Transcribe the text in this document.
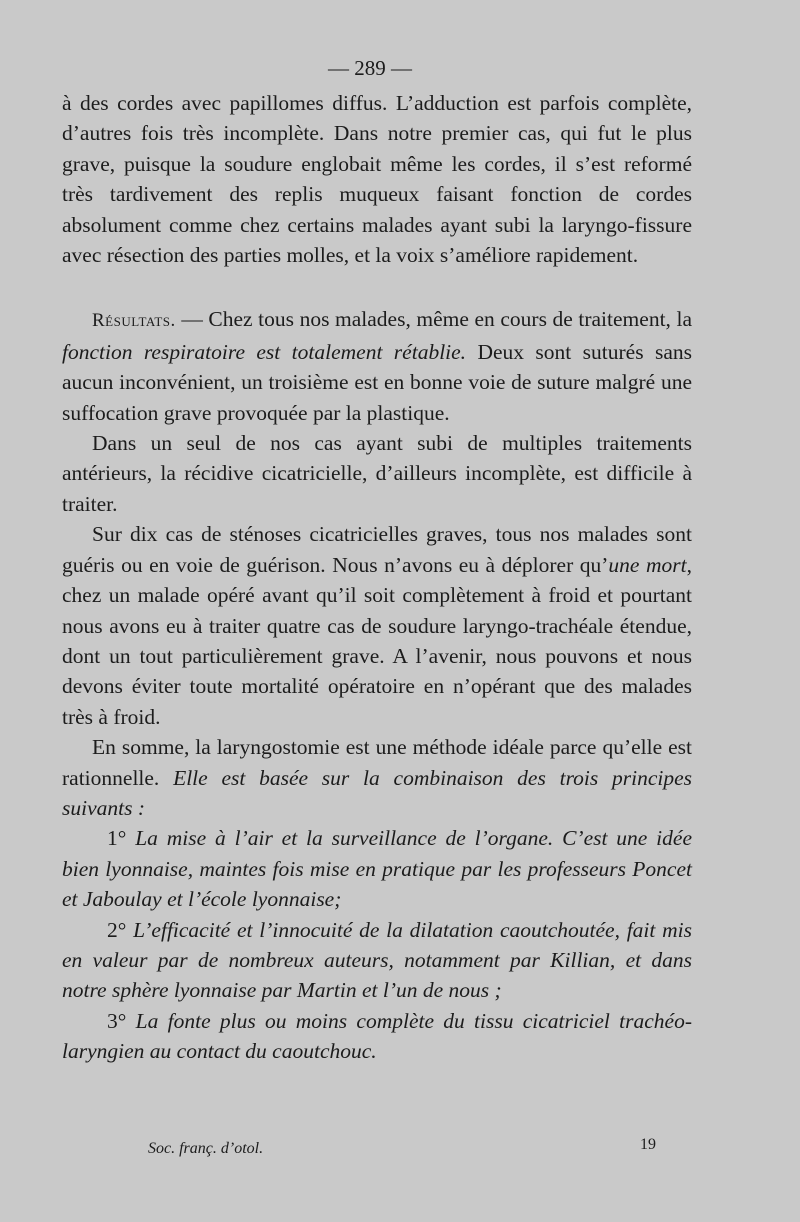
— 289 —

à des cordes avec papillomes diffus. L’adduction est parfois complète, d’autres fois très incomplète. Dans notre premier cas, qui fut le plus grave, puisque la soudure englobait même les cordes, il s’est reformé très tardivement des replis muqueux faisant fonction de cordes absolument comme chez certains malades ayant subi la laryngo-fissure avec résection des parties molles, et la voix s’améliore rapidement.

Résultats. — Chez tous nos malades, même en cours de traitement, la fonction respiratoire est totalement rétablie. Deux sont suturés sans aucun inconvénient, un troisième est en bonne voie de suture malgré une suffocation grave provoquée par la plastique.

Dans un seul de nos cas ayant subi de multiples traitements antérieurs, la récidive cicatricielle, d’ailleurs incomplète, est difficile à traiter.

Sur dix cas de sténoses cicatricielles graves, tous nos malades sont guéris ou en voie de guérison. Nous n’avons eu à déplorer qu’une mort, chez un malade opéré avant qu’il soit complètement à froid et pourtant nous avons eu à traiter quatre cas de soudure laryngo-trachéale étendue, dont un tout particulièrement grave. A l’avenir, nous pouvons et nous devons éviter toute mortalité opératoire en n’opérant que des malades très à froid.

En somme, la laryngostomie est une méthode idéale parce qu’elle est rationnelle. Elle est basée sur la combinaison des trois principes suivants :

1° La mise à l’air et la surveillance de l’organe. C’est une idée bien lyonnaise, maintes fois mise en pratique par les professeurs Poncet et Jaboulay et l’école lyonnaise;

2° L’efficacité et l’innocuité de la dilatation caoutchoutée, fait mis en valeur par de nombreux auteurs, notamment par Killian, et dans notre sphère lyonnaise par Martin et l’un de nous ;

3° La fonte plus ou moins complète du tissu cicatriciel trachéo-laryngien au contact du caoutchouc.

Soc. franç. d’otol.	19
